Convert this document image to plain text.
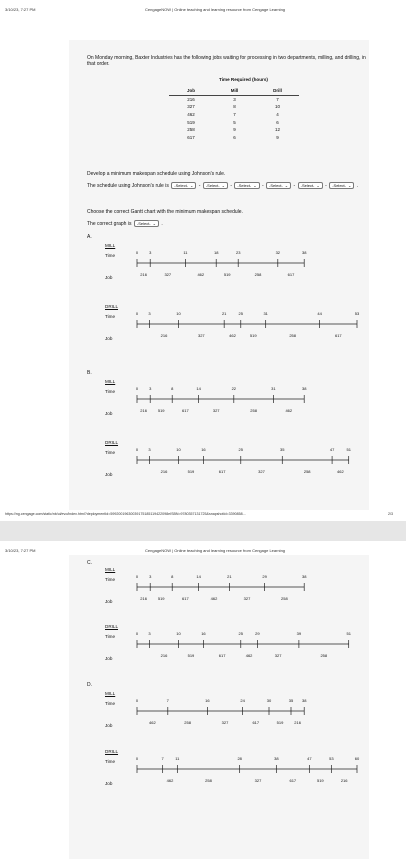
3/10/23, 7:27 PM	CengageNOW | Online teaching and learning resource from Cengage Learning
On Monday morning, Baxter Industries has the following jobs waiting for processing in two departments, milling, and drilling, in that order.
Time Required (hours)
Job	Mill	Drill
216	3	7
327	8	10
462	7	4
519	5	6
258	9	12
617	6	9
Develop a minimum makespan schedule using Johnson's rule.
The schedule using Johnson's rule is -Select- ⌄ - -Select- ⌄ - -Select- ⌄ - -Select- ⌄ - -Select- ⌄ - -Select- ⌄ .
Choose the correct Gantt chart with the minimum makespan schedule.
The correct graph is -Select- ⌄ .
A.
MILL
Time
Job
0	3	11	18	23	32	38
216	327	462	519	258	617
DRILL
Time
Job
0	3	10	21	25	31	44	53
216	327	462	519	258	617
B.
MILL
Time
Job
0	3	8	14	22	31	38
216	519	617	327	258	462
DRILL
Time
Job
0	3	10	16	25	35	47	51
216	519	617	327	258	462
https://ng.cengage.com/static/nb/ui/evo/index.html?deploymentId=59920019630039175185119422098eISBN=9780357131725&snapshotId=3390858...	2/3
3/10/23, 7:27 PM	CengageNOW | Online teaching and learning resource from Cengage Learning
C.
MILL
Time
Job
0	3	8	14	21	29	38
216	519	617	462	327	258
DRILL
Time
Job
0	3	10	16	25	29	39	51
216	519	617	462	327	258
D.
MILL
Time
Job
0	7	16	24	30	35 38
462	258	327	617	519	216
DRILL
Time
Job
0	7	11	28	38	47	53	60
462	258	327	617	519	216
